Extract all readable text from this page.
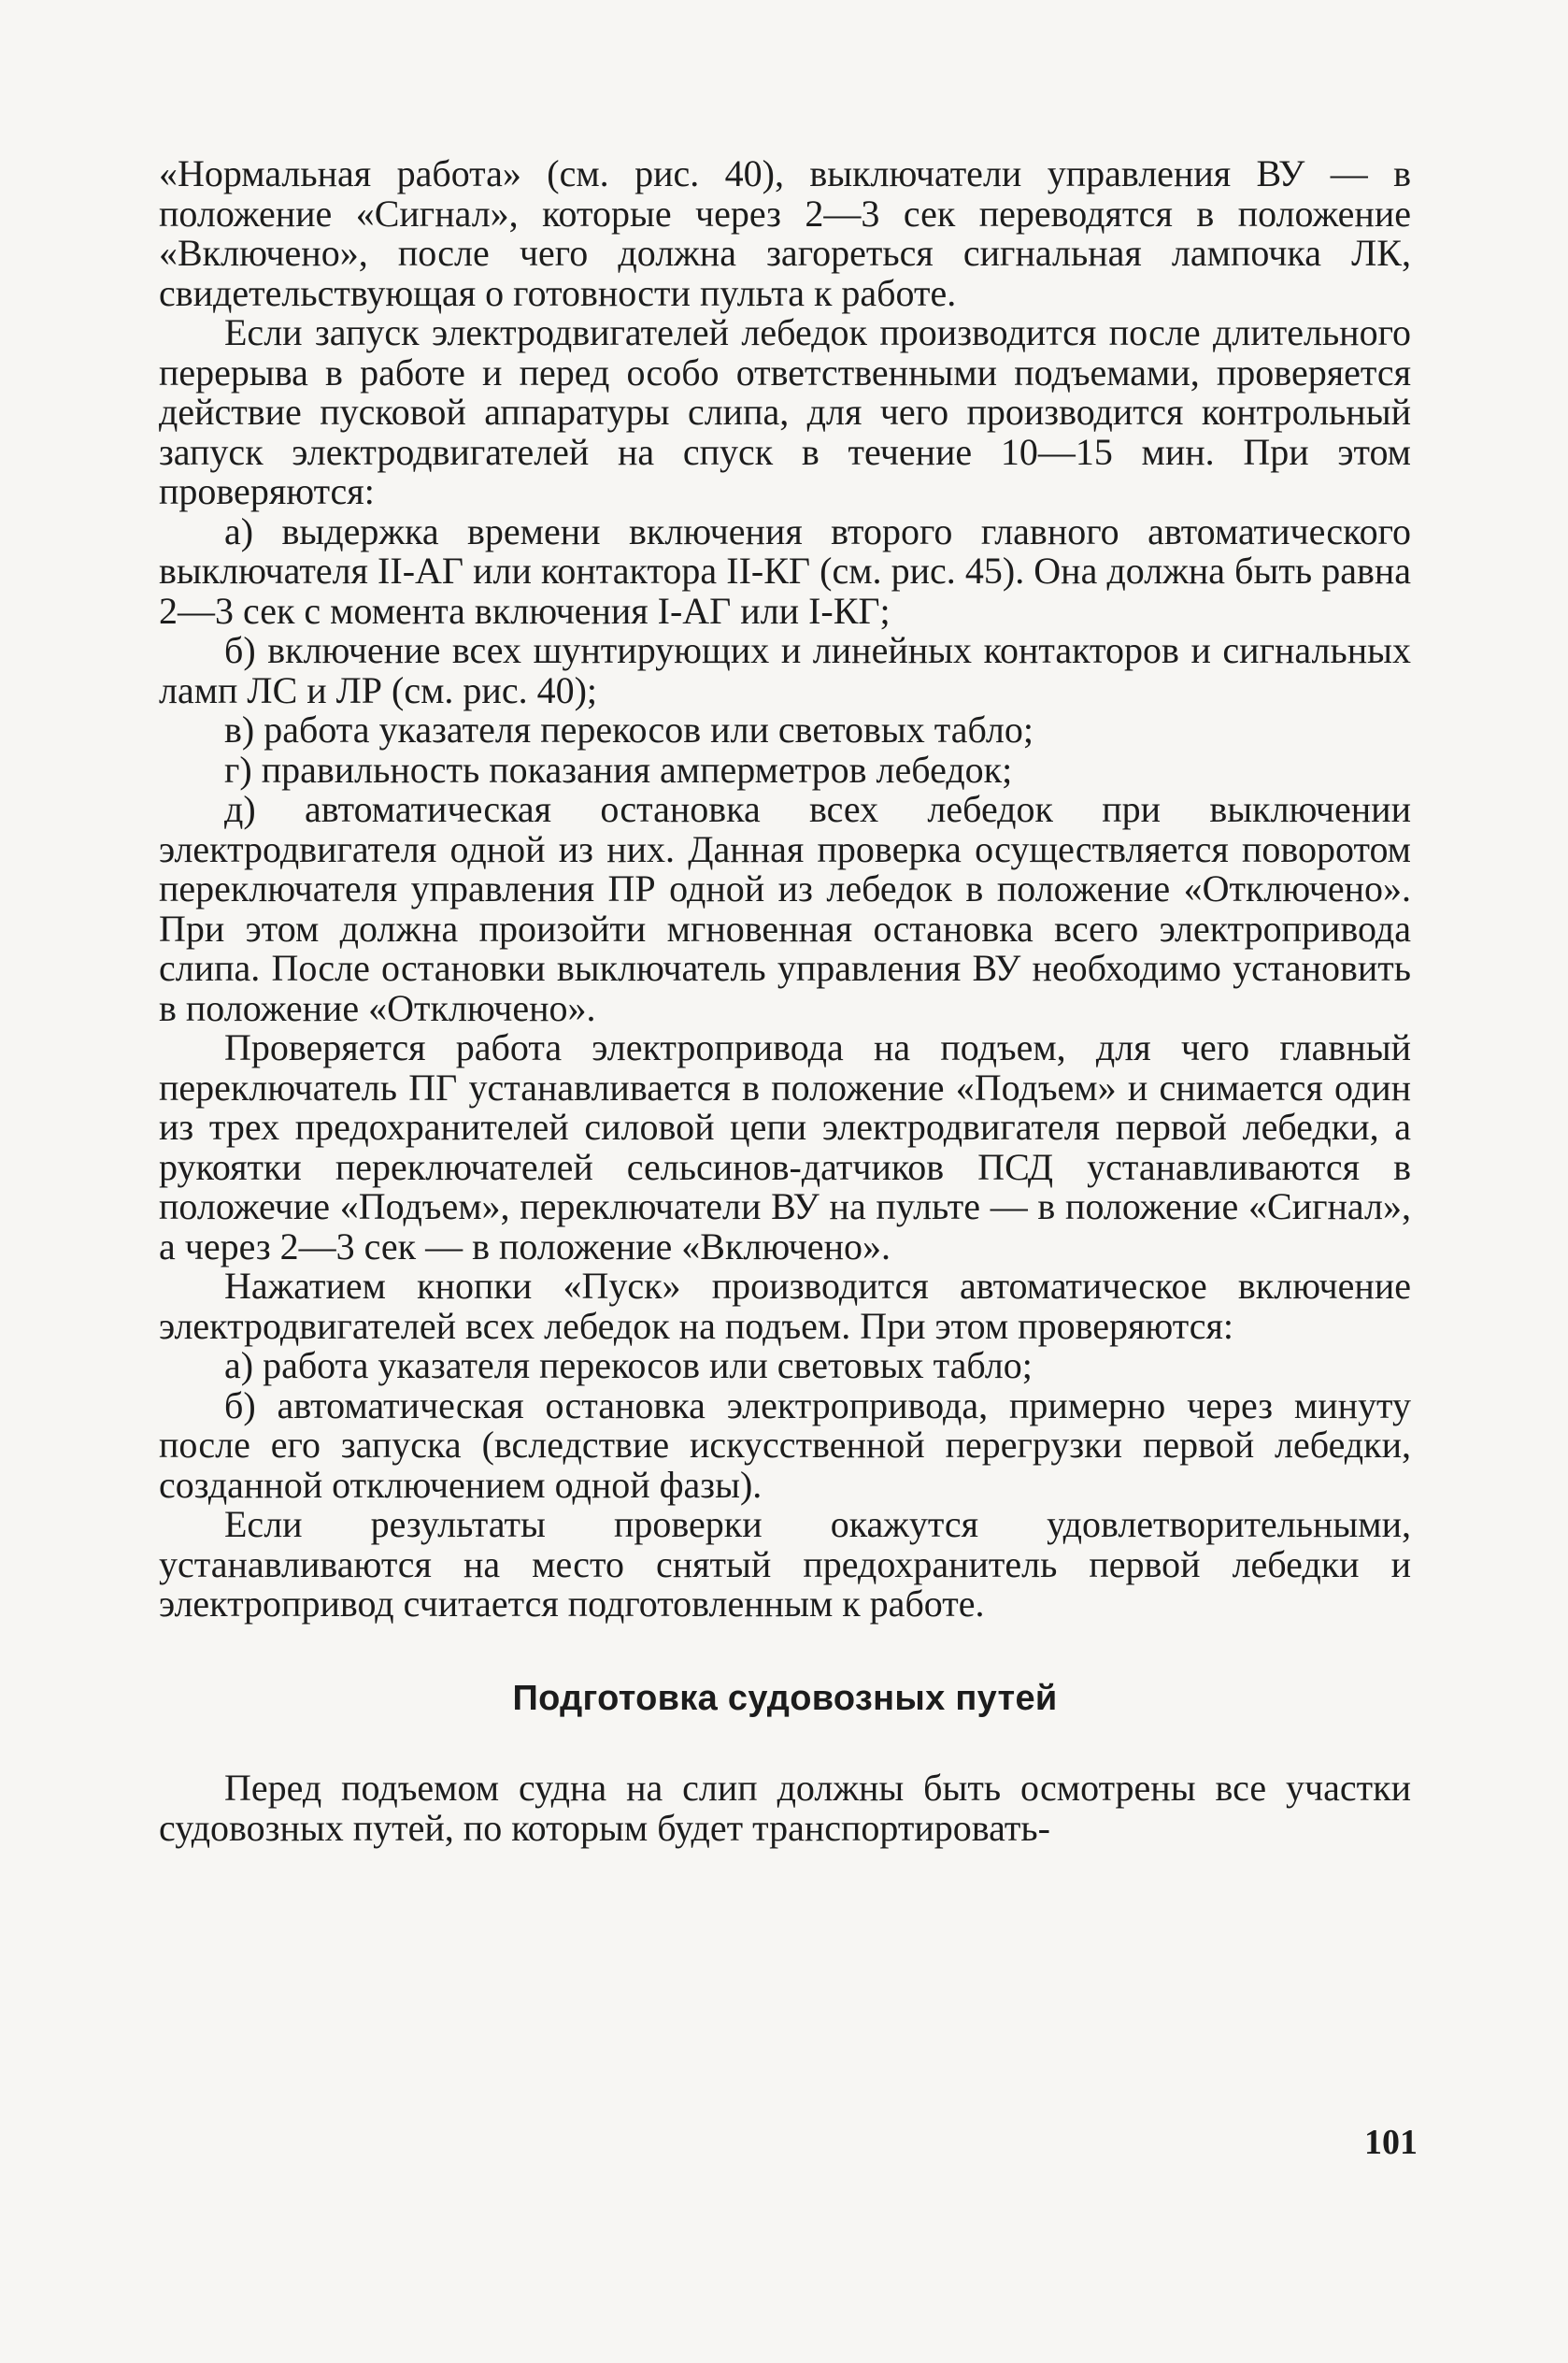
«Нормальная работа» (см. рис. 40), выключатели управления ВУ — в положение «Сигнал», которые через 2—3 сек переводятся в положение «Включено», после чего должна загореться сигнальная лампочка ЛК, свидетельствующая о готовности пульта к работе.

Если запуск электродвигателей лебедок производится после длительного перерыва в работе и перед особо ответственными подъемами, проверяется действие пусковой аппаратуры слипа, для чего производится контрольный запуск электродвигателей на спуск в течение 10—15 мин. При этом проверяются:

а) выдержка времени включения второго главного автоматического выключателя II-АГ или контактора II-КГ (см. рис. 45). Она должна быть равна 2—3 сек с момента включения I-АГ или I-КГ;

б) включение всех шунтирующих и линейных контакторов и сигнальных ламп ЛС и ЛР (см. рис. 40);

в) работа указателя перекосов или световых табло;

г) правильность показания амперметров лебедок;

д) автоматическая остановка всех лебедок при выключении электродвигателя одной из них. Данная проверка осуществляется поворотом переключателя управления ПР одной из лебедок в положение «Отключено». При этом должна произойти мгновенная остановка всего электропривода слипа. После остановки выключатель управления ВУ необходимо установить в положение «Отключено».

Проверяется работа электропривода на подъем, для чего главный переключатель ПГ устанавливается в положение «Подъем» и снимается один из трех предохранителей силовой цепи электродвигателя первой лебедки, а рукоятки переключателей сельсинов-датчиков ПСД устанавливаются в положечие «Подъем», переключатели ВУ на пульте — в положение «Сигнал», а через 2—3 сек — в положение «Включено».

Нажатием кнопки «Пуск» производится автоматическое включение электродвигателей всех лебедок на подъем. При этом проверяются:

а) работа указателя перекосов или световых табло;

б) автоматическая остановка электропривода, примерно через минуту после его запуска (вследствие искусственной перегрузки первой лебедки, созданной отключением одной фазы).

Если результаты проверки окажутся удовлетворительными, устанавливаются на место снятый предохранитель первой лебедки и электропривод считается подготовленным к работе.

Подготовка судовозных путей

Перед подъемом судна на слип должны быть осмотрены все участки судовозных путей, по которым будет транспортировать-

101
